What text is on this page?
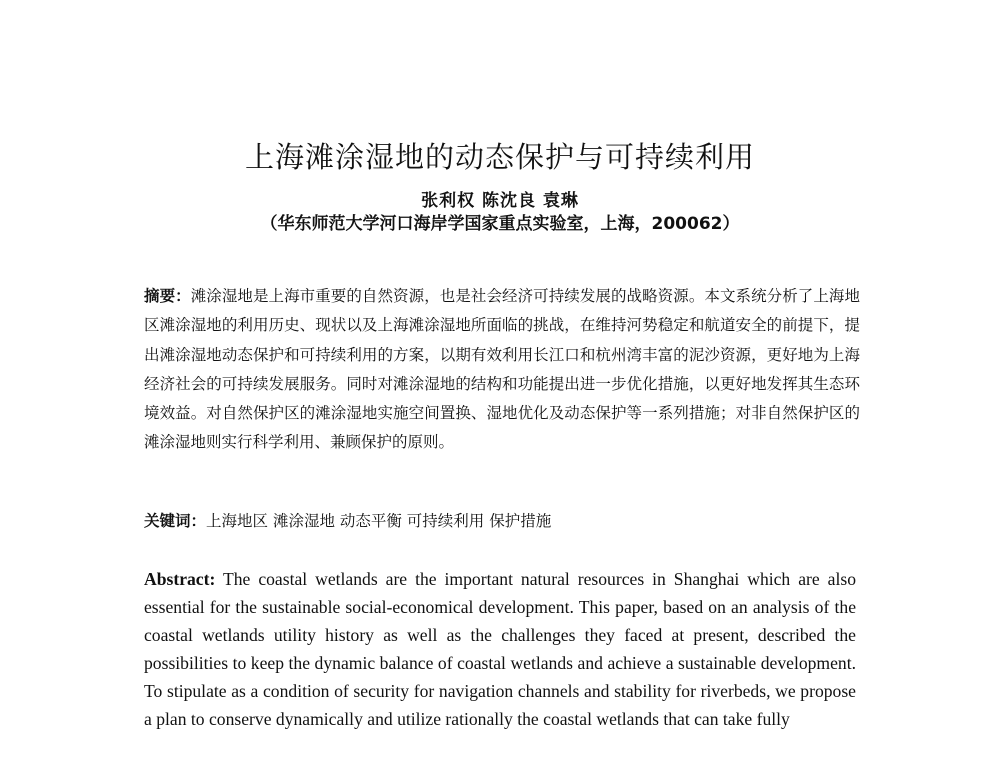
上海滩涂湿地的动态保护与可持续利用
张利权 陈沈良 袁琳
（华东师范大学河口海岸学国家重点实验室，上海，200062）
摘要：滩涂湿地是上海市重要的自然资源，也是社会经济可持续发展的战略资源。本文系统分析了上海地区滩涂湿地的利用历史、现状以及上海滩涂湿地所面临的挑战，在维持河势稳定和航道安全的前提下，提出滩涂湿地动态保护和可持续利用的方案，以期有效利用长江口和杭州湾丰富的泥沙资源，更好地为上海经济社会的可持续发展服务。同时对滩涂湿地的结构和功能提出进一步优化措施，以更好地发挥其生态环境效益。对自然保护区的滩涂湿地实施空间置换、湿地优化及动态保护等一系列措施；对非自然保护区的滩涂湿地则实行科学利用、兼顾保护的原则。
关键词：上海地区 滩涂湿地 动态平衡 可持续利用 保护措施
Abstract: The coastal wetlands are the important natural resources in Shanghai which are also essential for the sustainable social-economical development. This paper, based on an analysis of the coastal wetlands utility history as well as the challenges they faced at present, described the possibilities to keep the dynamic balance of coastal wetlands and achieve a sustainable development. To stipulate as a condition of security for navigation channels and stability for riverbeds, we propose a plan to conserve dynamically and utilize rationally the coastal wetlands that can take fully
